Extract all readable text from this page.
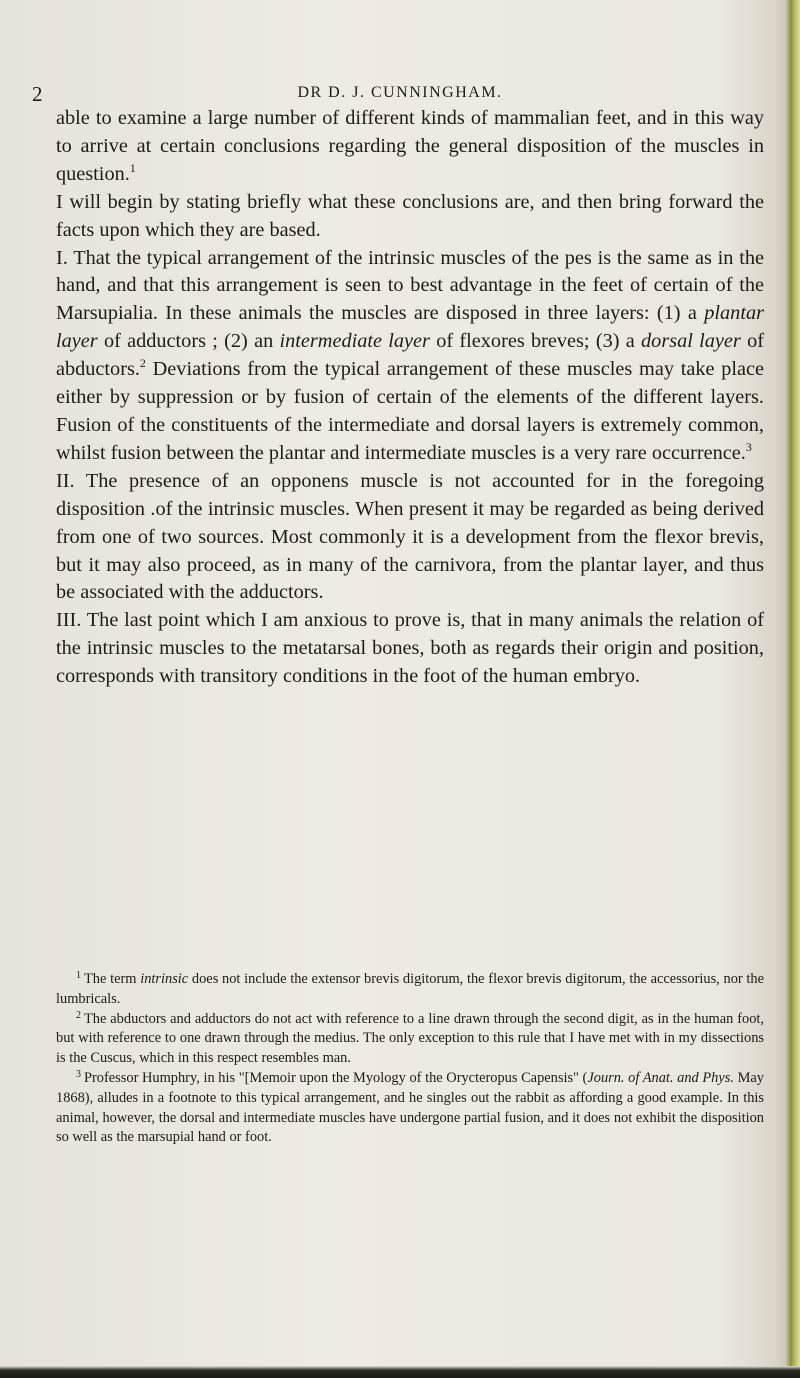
2	DR D. J. CUNNINGHAM.

able to examine a large number of different kinds of mammalian feet, and in this way to arrive at certain conclusions regarding the general disposition of the muscles in question.$^1$

I will begin by stating briefly what these conclusions are, and then bring forward the facts upon which they are based.

I. That the typical arrangement of the intrinsic muscles of the pes is the same as in the hand, and that this arrangement is seen to best advantage in the feet of certain of the Marsupialia. In these animals the muscles are disposed in three layers: (1) a plantar layer of adductors ; (2) an intermediate layer of flexores breves; (3) a dorsal layer of abductors.$^2$ Deviations from the typical arrangement of these muscles may take place either by suppression or by fusion of certain of the elements of the different layers. Fusion of the constituents of the intermediate and dorsal layers is extremely common, whilst fusion between the plantar and intermediate muscles is a very rare occurrence.$^3$

II. The presence of an opponens muscle is not accounted for in the foregoing disposition .of the intrinsic muscles. When present it may be regarded as being derived from one of two sources. Most commonly it is a development from the flexor brevis, but it may also proceed, as in many of the carnivora, from the plantar layer, and thus be associated with the adductors.

III. The last point which I am anxious to prove is, that in many animals the relation of the intrinsic muscles to the metatarsal bones, both as regards their origin and position, corresponds with transitory conditions in the foot of the human embryo.

$^1$ The term intrinsic does not include the extensor brevis digitorum, the flexor brevis digitorum, the accessorius, nor the lumbricals.

$^2$ The abductors and adductors do not act with reference to a line drawn through the second digit, as in the human foot, but with reference to one drawn through the medius. The only exception to this rule that I have met with in my dissections is the Cuscus, which in this respect resembles man.

$^3$ Professor Humphry, in his "[Memoir upon the Myology of the Orycteropus Capensis" (Journ. of Anat. and Phys. May 1868), alludes in a footnote to this typical arrangement, and he singles out the rabbit as affording a good example. In this animal, however, the dorsal and intermediate muscles have undergone partial fusion, and it does not exhibit the disposition so well as the marsupial hand or foot.
